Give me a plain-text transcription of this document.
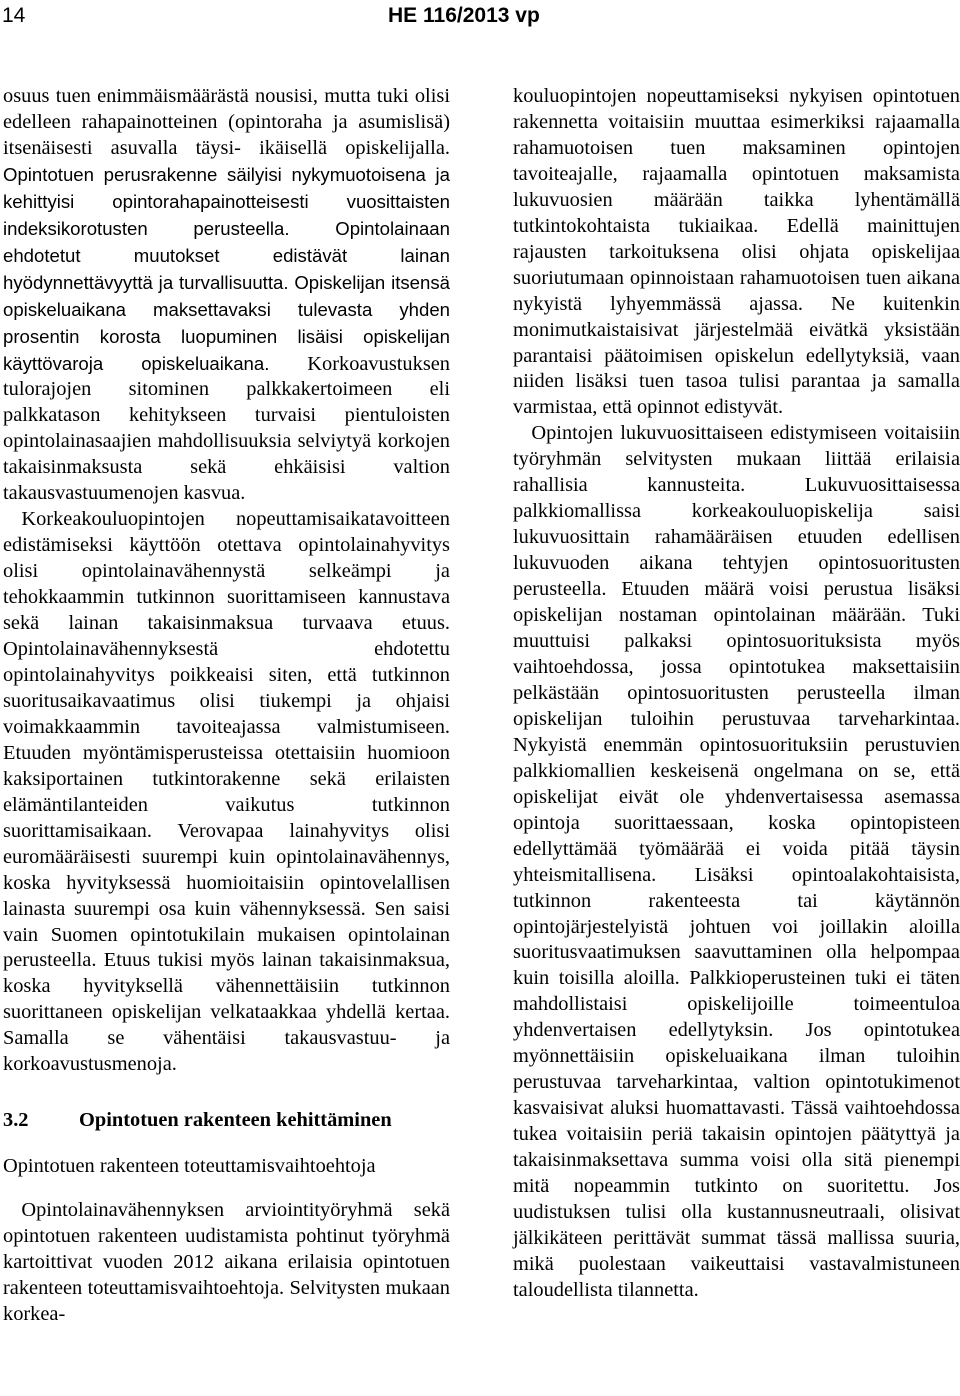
14	HE 116/2013 vp

osuus tuen enimmäismäärästä nousisi, mutta tuki olisi edelleen rahapainotteinen (opintoraha ja asumislisä) itsenäisesti asuvalla täysi- ikäisellä opiskelijalla. Opintotuen perusrakenne säilyisi nykymuotoisena ja kehittyisi opintorahapainotteisesti vuosittaisten indeksikorotusten perusteella. Opintolainaan ehdotetut muutokset edistävät lainan hyödynnettävyyttä ja turvallisuutta. Opiskelijan itsensä opiskeluaikana maksettavaksi tulevasta yhden prosentin korosta luopuminen lisäisi opiskelijan käyttövaroja opiskeluaikana. Korkoavustuksen tulorajojen sitominen palkkakertoimeen eli palkkatason kehitykseen turvaisi pientuloisten opintolainasaajien mahdollisuuksia selviytyä korkojen takaisinmaksusta sekä ehkäisisi valtion takausvastuumenojen kasvua.

Korkeakouluopintojen nopeuttamisaikatavoitteen edistämiseksi käyttöön otettava opintolainahyvitys olisi opintolainavähennystä selkeämpi ja tehokkaammin tutkinnon suorittamiseen kannustava sekä lainan takaisinmaksua turvaava etuus. Opintolainavähennyksestä ehdotettu opintolainahyvitys poikkeaisi siten, että tutkinnon suoritusaikavaatimus olisi tiukempi ja ohjaisi voimakkaammin tavoiteajassa valmistumiseen. Etuuden myöntämisperusteissa otettaisiin huomioon kaksiportainen tutkintorakenne sekä erilaisten elämäntilanteiden vaikutus tutkinnon suorittamisaikaan. Verovapaa lainahyvitys olisi euromääräisesti suurempi kuin opintolainavähennys, koska hyvityksessä huomioitaisiin opintovelallisen lainasta suurempi osa kuin vähennyksessä. Sen saisi vain Suomen opintotukilain mukaisen opintolainan perusteella. Etuus tukisi myös lainan takaisinmaksua, koska hyvityksellä vähennettäisiin tutkinnon suorittaneen opiskelijan velkataakkaa yhdellä kertaa. Samalla se vähentäisi takausvastuu- ja korkoavustusmenoja.

3.2	Opintotuen rakenteen kehittäminen

Opintotuen rakenteen toteuttamisvaihtoehtoja

Opintolainavähennyksen arviointityöryhmä sekä opintotuen rakenteen uudistamista pohtinut työryhmä kartoittivat vuoden 2012 aikana erilaisia opintotuen rakenteen toteuttamisvaihtoehtoja. Selvitysten mukaan korkea-

kouluopintojen nopeuttamiseksi nykyisen opintotuen rakennetta voitaisiin muuttaa esimerkiksi rajaamalla rahamuotoisen tuen maksaminen opintojen tavoiteajalle, rajaamalla opintotuen maksamista lukuvuosien määrään taikka lyhentämällä tutkintokohtaista tukiaikaa. Edellä mainittujen rajausten tarkoituksena olisi ohjata opiskelijaa suoriutumaan opinnoistaan rahamuotoisen tuen aikana nykyistä lyhyemmässä ajassa. Ne kuitenkin monimutkaistaisivat järjestelmää eivätkä yksistään parantaisi päätoimisen opiskelun edellytyksiä, vaan niiden lisäksi tuen tasoa tulisi parantaa ja samalla varmistaa, että opinnot edistyvät.

Opintojen lukuvuosittaiseen edistymiseen voitaisiin työryhmän selvitysten mukaan liittää erilaisia rahallisia kannusteita. Lukuvuosittaisessa palkkiomallissa korkeakouluopiskelija saisi lukuvuosittain rahamääräisen etuuden edellisen lukuvuoden aikana tehtyjen opintosuoritusten perusteella. Etuuden määrä voisi perustua lisäksi opiskelijan nostaman opintolainan määrään. Tuki muuttuisi palkaksi opintosuorituksista myös vaihtoehdossa, jossa opintotukea maksettaisiin pelkästään opintosuoritusten perusteella ilman opiskelijan tuloihin perustuvaa tarveharkintaa. Nykyistä enemmän opintosuorituksiin perustuvien palkkiomallien keskeisenä ongelmana on se, että opiskelijat eivät ole yhdenvertaisessa asemassa opintoja suorittaessaan, koska opintopisteen edellyttämää työmäärää ei voida pitää täysin yhteismitallisena. Lisäksi opintoalakohtaisista, tutkinnon rakenteesta tai käytännön opintojärjestelyistä johtuen voi joillakin aloilla suoritusvaatimuksen saavuttaminen olla helpompaa kuin toisilla aloilla. Palkkioperusteinen tuki ei täten mahdollistaisi opiskelijoille toimeentuloa yhdenvertaisen edellytyksin. Jos opintotukea myönnettäisiin opiskeluaikana ilman tuloihin perustuvaa tarveharkintaa, valtion opintotukimenot kasvaisivat aluksi huomattavasti. Tässä vaihtoehdossa tukea voitaisiin periä takaisin opintojen päätyttyä ja takaisinmaksettava summa voisi olla sitä pienempi mitä nopeammin tutkinto on suoritettu. Jos uudistuksen tulisi olla kustannusneutraali, olisivat jälkikäteen perittävät summat tässä mallissa suuria, mikä puolestaan vaikeuttaisi vastavalmistuneen taloudellista tilannetta.
